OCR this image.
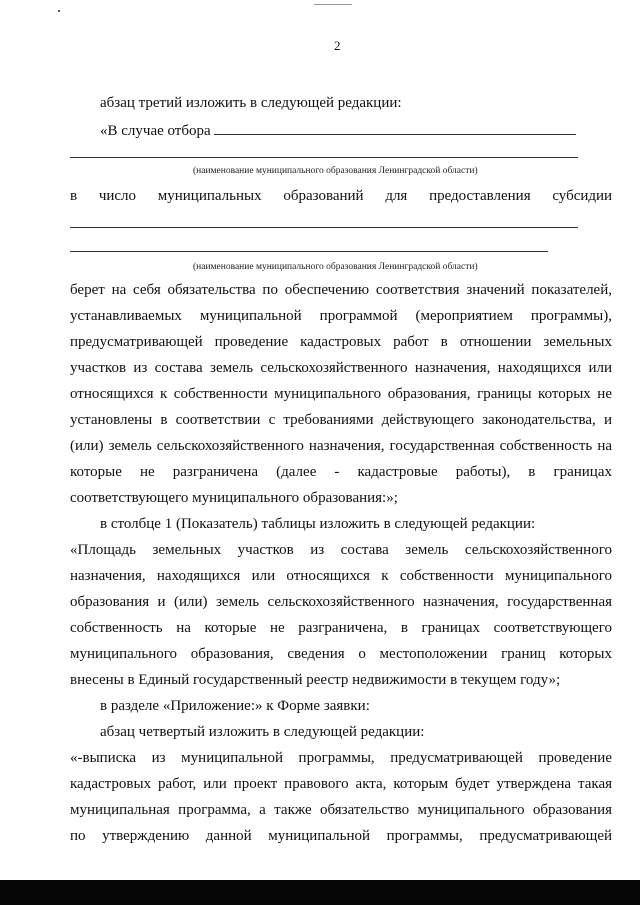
2
абзац третий изложить в следующей редакции:
«В случае отбора
(наименование муниципального образования Ленинградской области)
в число муниципальных образований для предоставления субсидии
(наименование муниципального образования Ленинградской области)
берет на себя обязательства по обеспечению соответствия значений показателей,
устанавливаемых муниципальной программой (мероприятием программы),
предусматривающей проведение кадастровых работ в отношении земельных
участков из состава земель сельскохозяйственного назначения, находящихся или
относящихся к собственности муниципального образования, границы которых не
установлены в соответствии с требованиями действующего законодательства, и
(или) земель сельскохозяйственного назначения, государственная собственность на
которые не разграничена (далее - кадастровые работы), в границах
соответствующего муниципального образования:»;
в столбце 1 (Показатель) таблицы изложить в следующей редакции:
«Площадь земельных участков из состава земель сельскохозяйственного
назначения, находящихся или относящихся к собственности муниципального
образования и (или) земель сельскохозяйственного назначения, государственная
собственность на которые не разграничена, в границах соответствующего
муниципального образования, сведения о местоположении границ которых
внесены в Единый государственный реестр недвижимости в текущем году»;
в разделе «Приложение:» к Форме заявки:
абзац четвертый изложить в следующей редакции:
«-выписка из муниципальной программы, предусматривающей проведение
кадастровых работ, или проект правового акта, которым будет утверждена такая
муниципальная программа, а также обязательство муниципального образования
по утверждению данной муниципальной программы, предусматривающей
